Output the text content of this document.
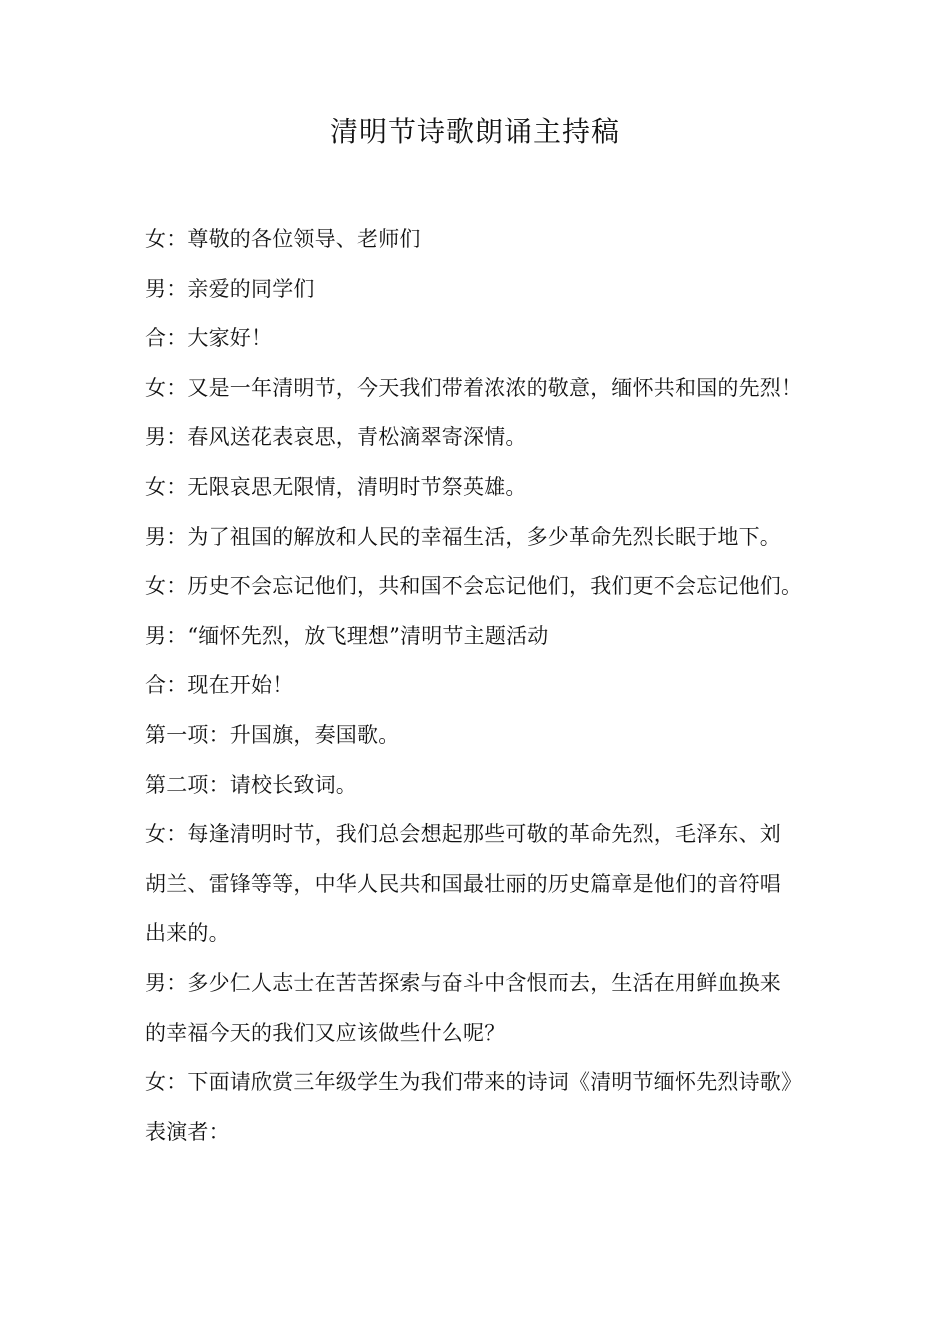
清明节诗歌朗诵主持稿
女：尊敬的各位领导、老师们
男：亲爱的同学们
合：大家好！
女：又是一年清明节，今天我们带着浓浓的敬意，缅怀共和国的先烈！
男：春风送花表哀思，青松滴翠寄深情。
女：无限哀思无限情，清明时节祭英雄。
男：为了祖国的解放和人民的幸福生活，多少革命先烈长眠于地下。
女：历史不会忘记他们，共和国不会忘记他们，我们更不会忘记他们。
男：“缅怀先烈，放飞理想”清明节主题活动
合：现在开始！
第一项：升国旗，奏国歌。
第二项：请校长致词。
女：每逢清明时节，我们总会想起那些可敬的革命先烈，毛泽东、刘
胡兰、雷锋等等，中华人民共和国最壮丽的历史篇章是他们的音符唱
出来的。
男：多少仁人志士在苦苦探索与奋斗中含恨而去，生活在用鲜血换来
的幸福今天的我们又应该做些什么呢？
女：下面请欣赏三年级学生为我们带来的诗词《清明节缅怀先烈诗歌》
表演者：
